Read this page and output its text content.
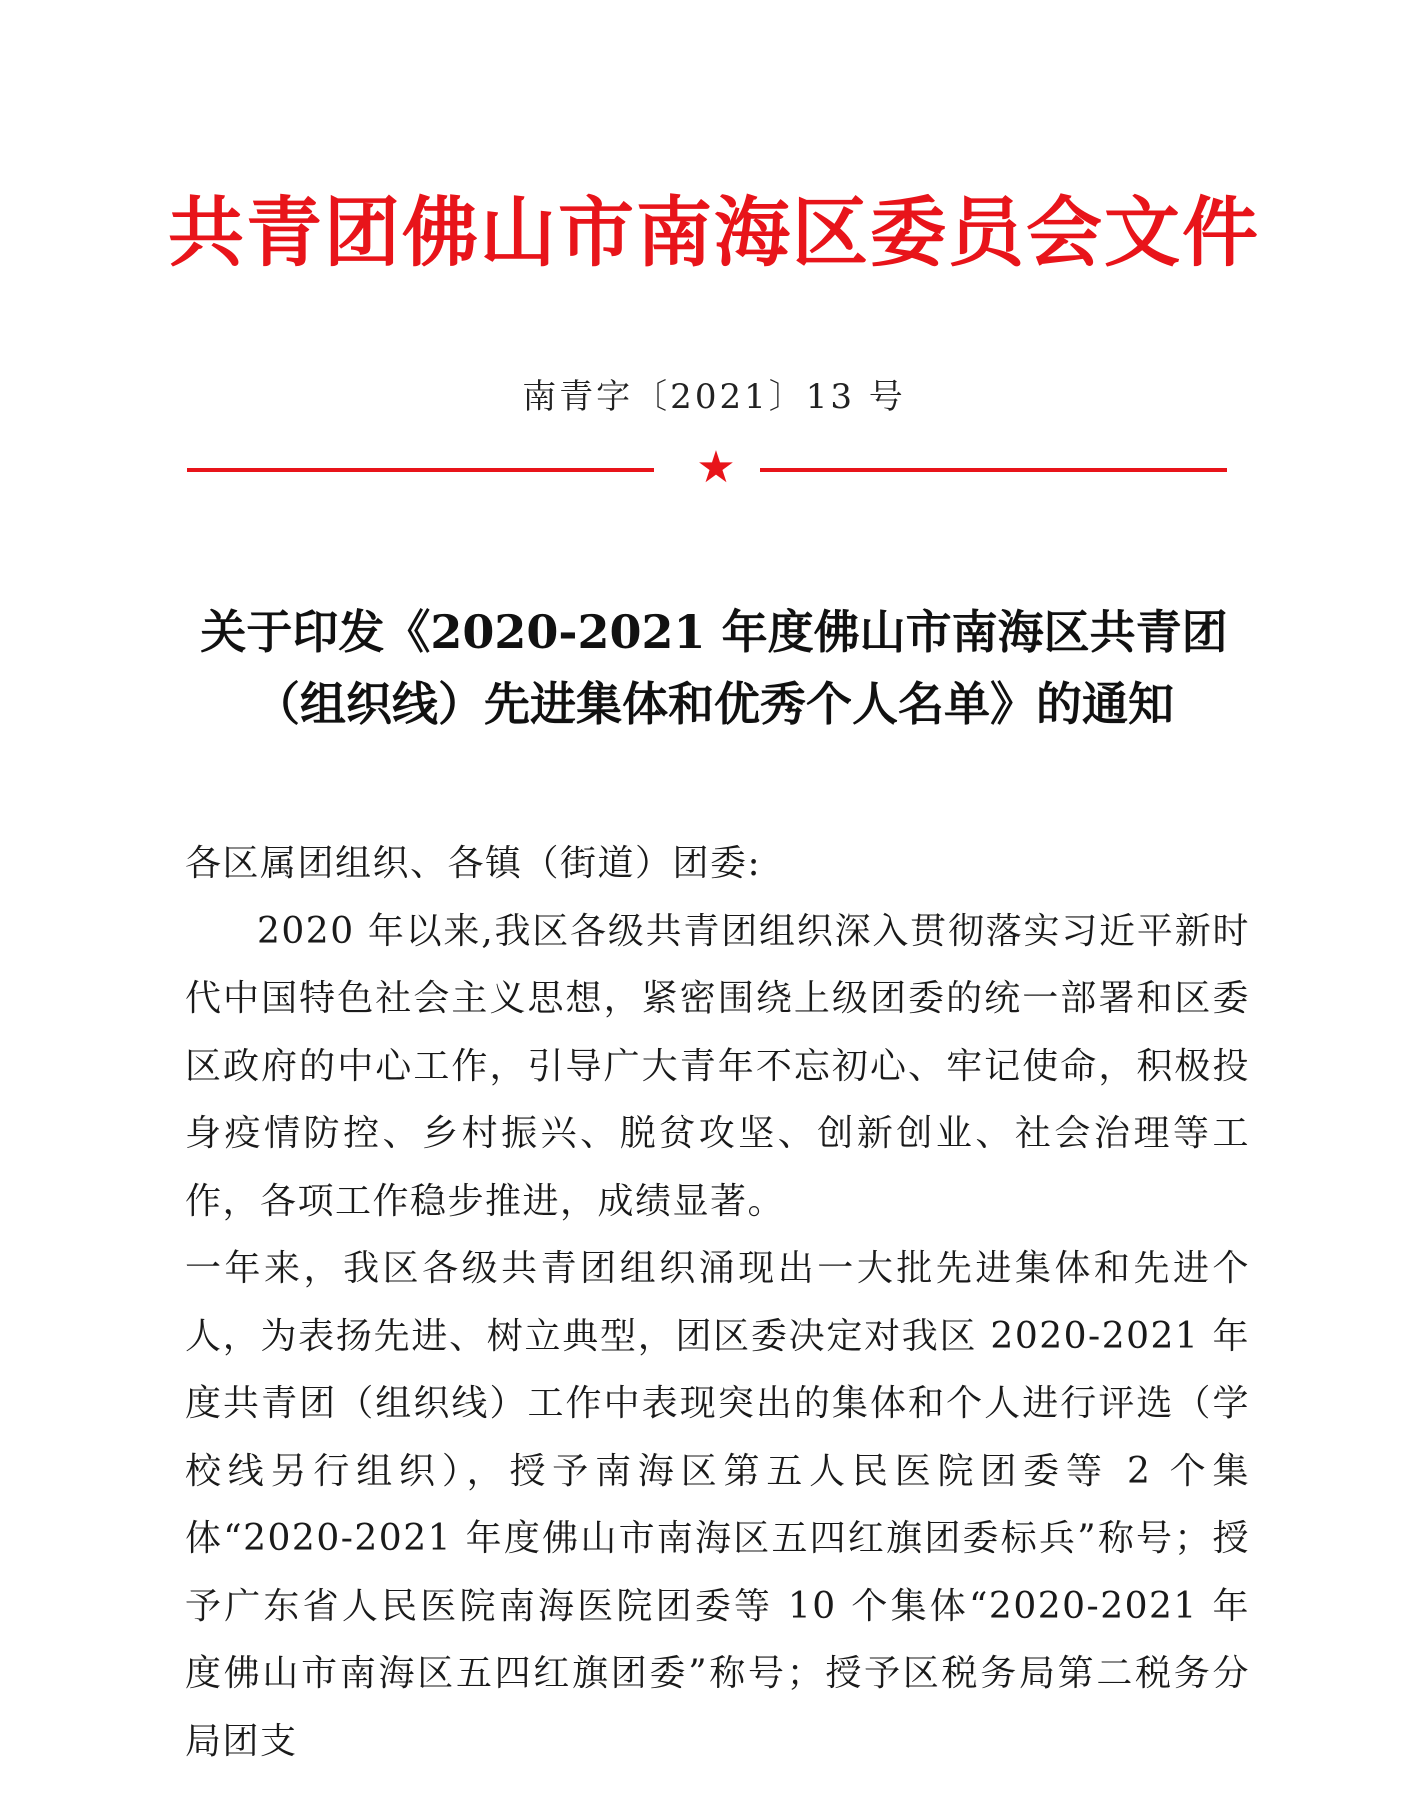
共青团佛山市南海区委员会文件
南青字〔2021〕13 号
★
关于印发《2020-2021 年度佛山市南海区共青团
（组织线）先进集体和优秀个人名单》的通知

各区属团组织、各镇（街道）团委:

2020 年以来,我区各级共青团组织深入贯彻落实习近平新时代中国特色社会主义思想，紧密围绕上级团委的统一部署和区委区政府的中心工作，引导广大青年不忘初心、牢记使命，积极投身疫情防控、乡村振兴、脱贫攻坚、创新创业、社会治理等工作，各项工作稳步推进，成绩显著。

一年来，我区各级共青团组织涌现出一大批先进集体和先进个人，为表扬先进、树立典型，团区委决定对我区 2020-2021 年度共青团（组织线）工作中表现突出的集体和个人进行评选（学校线另行组织），授予南海区第五人民医院团委等 2 个集体“2020-2021 年度佛山市南海区五四红旗团委标兵”称号；授予广东省人民医院南海医院团委等 10 个集体“2020-2021 年度佛山市南海区五四红旗团委”称号；授予区税务局第二税务分局团支
